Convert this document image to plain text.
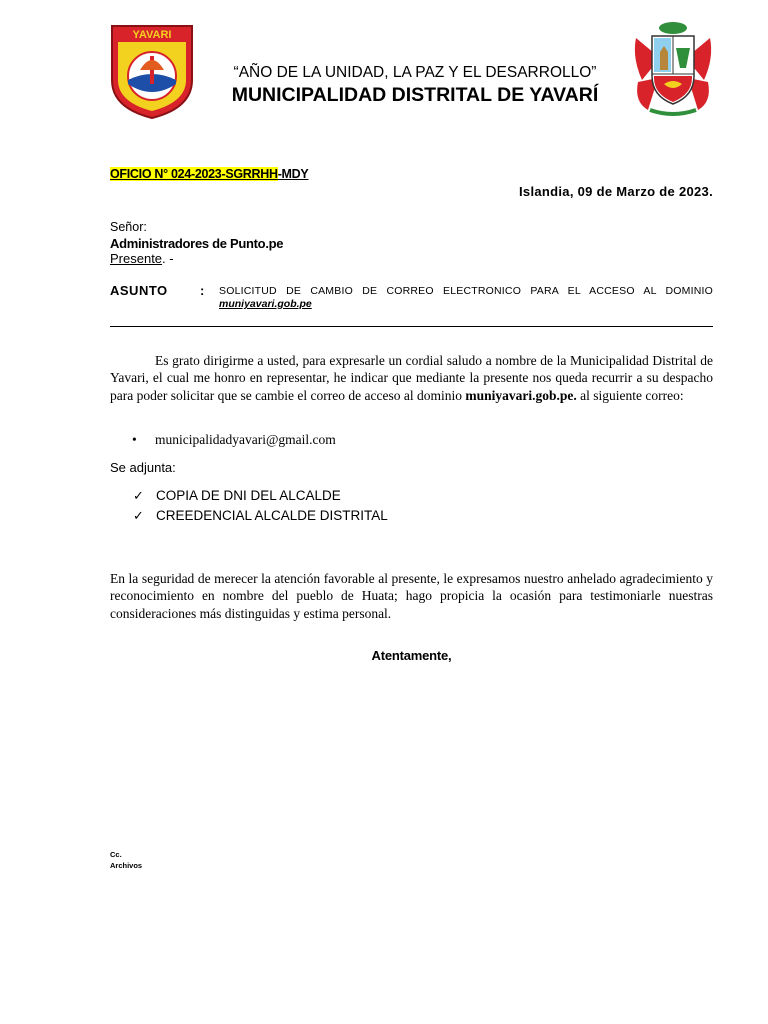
YAVARI
“AÑO DE LA UNIDAD, LA PAZ Y EL DESARROLLO”
MUNICIPALIDAD DISTRITAL DE YAVARÍ
OFICIO N° 024-2023-SGRRHH-MDY
Islandia, 09 de Marzo de 2023.
Señor:
Administradores de Punto.pe
Presente. -
ASUNTO : SOLICITUD DE CAMBIO DE CORREO ELECTRONICO PARA EL ACCESO AL DOMINIO
muniyavari.gob.pe
Es grato dirigirme a usted, para expresarle un cordial saludo a nombre de la Municipalidad Distrital de Yavari, el cual me honro en representar, he indicar que mediante la presente nos queda recurrir a su despacho para poder solicitar que se cambie el correo de acceso al dominio muniyavari.gob.pe. al siguiente correo:
• municipalidadyavari@gmail.com
Se adjunta:
✓ COPIA DE DNI DEL ALCALDE
✓ CREEDENCIAL ALCALDE DISTRITAL
En la seguridad de merecer la atención favorable al presente, le expresamos nuestro anhelado agradecimiento y reconocimiento en nombre del pueblo de Huata; hago propicia la ocasión para testimoniarle nuestras consideraciones más distinguidas y estima personal.
Atentamente,
Cc.
Archivos
